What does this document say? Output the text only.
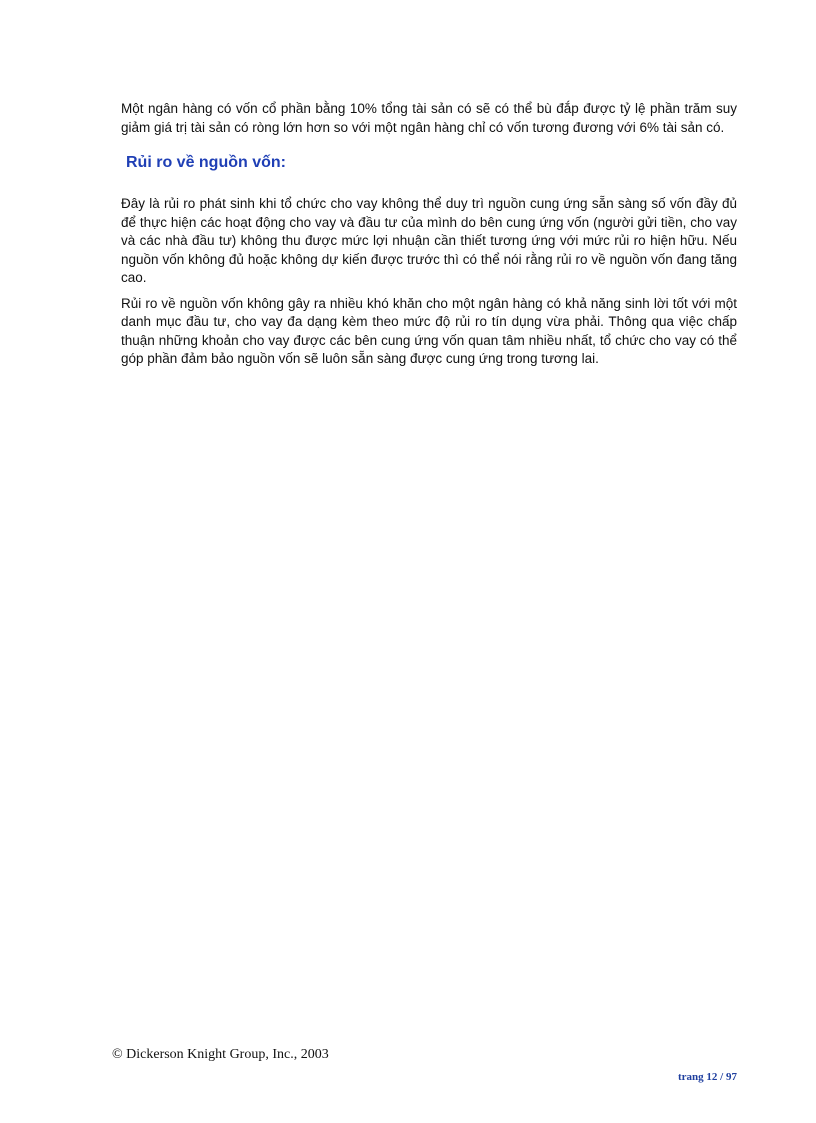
Một ngân hàng có vốn cổ phần bằng 10% tổng tài sản có sẽ có thể bù đắp được tỷ lệ phần trăm suy giảm giá trị tài sản có ròng lớn hơn so với một ngân hàng chỉ có vốn tương đương với 6% tài sản có.

Rủi ro về nguồn vốn:

Đây là rủi ro phát sinh khi tổ chức cho vay không thể duy trì nguồn cung ứng sẵn sàng số vốn đầy đủ để thực hiện các hoạt động cho vay và đầu tư của mình do bên cung ứng vốn (người gửi tiền, cho vay và các nhà đầu tư) không thu được mức lợi nhuận cần thiết tương ứng với mức rủi ro hiện hữu. Nếu nguồn vốn không đủ hoặc không dự kiến được trước thì có thể nói rằng rủi ro về nguồn vốn đang tăng cao.

Rủi ro về nguồn vốn không gây ra nhiều khó khăn cho một ngân hàng có khả năng sinh lời tốt với một danh mục đầu tư, cho vay đa dạng kèm theo mức độ rủi ro tín dụng vừa phải. Thông qua việc chấp thuận những khoản cho vay được các bên cung ứng vốn quan tâm nhiều nhất, tổ chức cho vay có thể góp phần đảm bảo nguồn vốn sẽ luôn sẵn sàng được cung ứng trong tương lai.

© Dickerson Knight Group, Inc., 2003
trang 12 / 97
